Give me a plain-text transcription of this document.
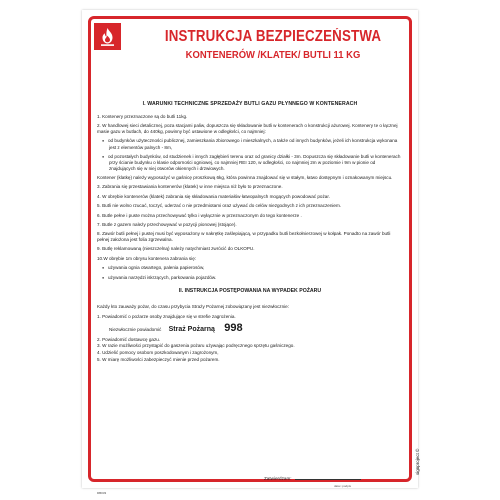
INSTRUKCJA BEZPIECZEŃSTWA
KONTENERÓW /KLATEK/ BUTLI 11 KG
I. WARUNKI TECHNICZNE SPRZEDAŻY BUTLI GAZU PŁYNNEGO W KONTENERACH
1. Kontenery przeznaczone są do butli 11kg.
2. W handlowej sieci detalicznej, poza stacjami paliw, dopuszcza się składowanie butli w kontenerach o konstrukcji ażurowej. Kontenery te o łącznej masie gazu w butlach, do 440kg, powinny być ustawione w odległości, co najmniej:
● od budynków użyteczności publicznej, zamieszkania zbiorowego i mieszkalnych, a także od innych budynków, jeżeli ich konstrukcja wykonana jest z elementów palnych - 8m,
● od pozostałych budynków, od studzienek i innych zagłębień terenu oraz od granicy działki - 3m. Dopuszcza się składowanie butli w kontenerach przy ścianie budynku o klasie odporności ogniowej, co najmniej REI 120, w odległości, co najmniej 2m w poziomie i 9m w pionie od znajdujących się w niej otworów okiennych i drzwiowych.
Kontener (klatkę) należy wyposażyć w gaśnicę proszkową 6kg, która powinna znajdować się w stałym, łatwo dostępnym i oznakowanym miejscu.
3. Zabrania się przestawiania kontenerów (klatek) w inne miejsca niż było to przeznaczone.
4. W obrębie kontenerów (klatek) zabrania się składowania materiałów łatwopalnych mogących powodować pożar.
5. Butli nie wolno rzucać, toczyć, uderzać o nie przedmiotami oraz używać do celów niezgodnych z ich przeznaczeniem.
6. Butle pełne i puste można przechowywać tylko i wyłącznie w przeznaczonym do tego kontenerze .
7. Butle z gazem należy przechowywać w pozycji pionowej (stojące).
8. Zawór butli pełnej i pustej musi być wyposażony w nakrętkę zaślepiającą, w przypadku butli bezkołnierzowej w kołpak. Ponadto na zawór butli pełnej założona jest folia zgrzewalna.
9. Butlę reklamowaną (nieszczelną) należy natychmiast zwrócić do OLKOPU.
10.W obrębie 1m obrysu kontenera zabrania się:
● używania ognia otwartego, palenia papierosów,
● używania narzędzi iskrzących, parkowania pojazdów.
II. INSTRUKCJA POSTĘPOWANIA NA WYPADEK POŻARU
Każdy kto zauważy pożar, do czasu przybycia Straży Pożarnej zobowiązany jest niezwłocznie:
1. Powiadomić o pożarze osoby znajdujące się w strefie zagrożenia.
Niezwłocznie powiadomić Straż Pożarną 998
2. Powiadomić dostawcę gazu.
3. W razie możliwości przystąpić do gaszenia pożaru używając podręcznego sprzętu gaśniczego.
4. Udzielić pomocy osobom poszkodowanym i zagrożonym,
5. W miarę możliwości zabezpieczyć mienie przed pożarem.
Zatwierdzam:
data i podpis
DB033
signproject ©
